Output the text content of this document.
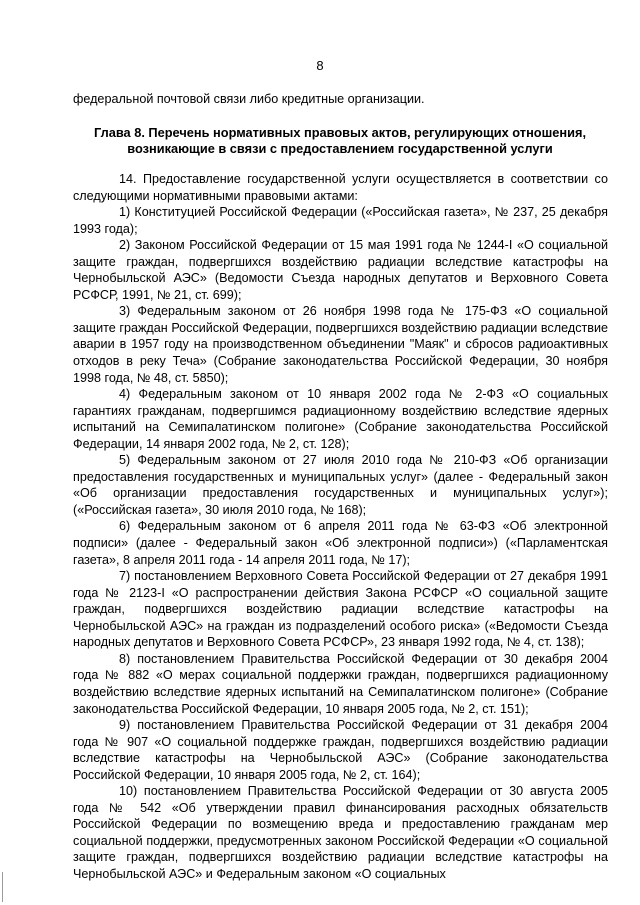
8
федеральной почтовой связи либо кредитные организации.
Глава 8. Перечень нормативных правовых актов, регулирующих отношения, возникающие в связи с предоставлением государственной услуги

14. Предоставление государственной услуги осуществляется в соответствии со следующими нормативными правовыми актами:

1) Конституцией Российской Федерации («Российская газета», № 237, 25 декабря 1993 года);

2) Законом Российской Федерации от 15 мая 1991 года № 1244-I «О социальной защите граждан, подвергшихся воздействию радиации вследствие катастрофы на Чернобыльской АЭС» (Ведомости Съезда народных депутатов и Верховного Совета РСФСР, 1991, № 21, ст. 699);

3) Федеральным законом от 26 ноября 1998 года № 175-ФЗ «О социальной защите граждан Российской Федерации, подвергшихся воздействию радиации вследствие аварии в 1957 году на производственном объединении "Маяк" и сбросов радиоактивных отходов в реку Теча» (Собрание законодательства Российской Федерации, 30 ноября 1998 года, № 48, ст. 5850);

4) Федеральным законом от 10 января 2002 года № 2-ФЗ «О социальных гарантиях гражданам, подвергшимся радиационному воздействию вследствие ядерных испытаний на Семипалатинском полигоне» (Собрание законодательства Российской Федерации, 14 января 2002 года, № 2, ст. 128);

5) Федеральным законом от 27 июля 2010 года № 210-ФЗ «Об организации предоставления государственных и муниципальных услуг» (далее - Федеральный закон «Об организации предоставления государственных и муниципальных услуг»); («Российская газета», 30 июля 2010 года, № 168);

6) Федеральным законом от 6 апреля 2011 года № 63-ФЗ «Об электронной подписи» (далее - Федеральный закон «Об электронной подписи») («Парламентская газета», 8 апреля 2011 года - 14 апреля 2011 года, № 17);

7) постановлением Верховного Совета Российской Федерации от 27 декабря 1991 года № 2123-I «О распространении действия Закона РСФСР «О социальной защите граждан, подвергшихся воздействию радиации вследствие катастрофы на Чернобыльской АЭС» на граждан из подразделений особого риска» («Ведомости Съезда народных депутатов и Верховного Совета РСФСР», 23 января 1992 года, № 4, ст. 138);

8) постановлением Правительства Российской Федерации от 30 декабря 2004 года № 882 «О мерах социальной поддержки граждан, подвергшихся радиационному воздействию вследствие ядерных испытаний на Семипалатинском полигоне» (Собрание законодательства Российской Федерации, 10 января 2005 года, № 2, ст. 151);

9) постановлением Правительства Российской Федерации от 31 декабря 2004 года № 907 «О социальной поддержке граждан, подвергшихся воздействию радиации вследствие катастрофы на Чернобыльской АЭС» (Собрание законодательства Российской Федерации, 10 января 2005 года, № 2, ст. 164);

10) постановлением Правительства Российской Федерации от 30 августа 2005 года № 542 «Об утверждении правил финансирования расходных обязательств Российской Федерации по возмещению вреда и предоставлению гражданам мер социальной поддержки, предусмотренных законом Российской Федерации «О социальной защите граждан, подвергшихся воздействию радиации вследствие катастрофы на Чернобыльской АЭС» и Федеральным законом «О социальных
